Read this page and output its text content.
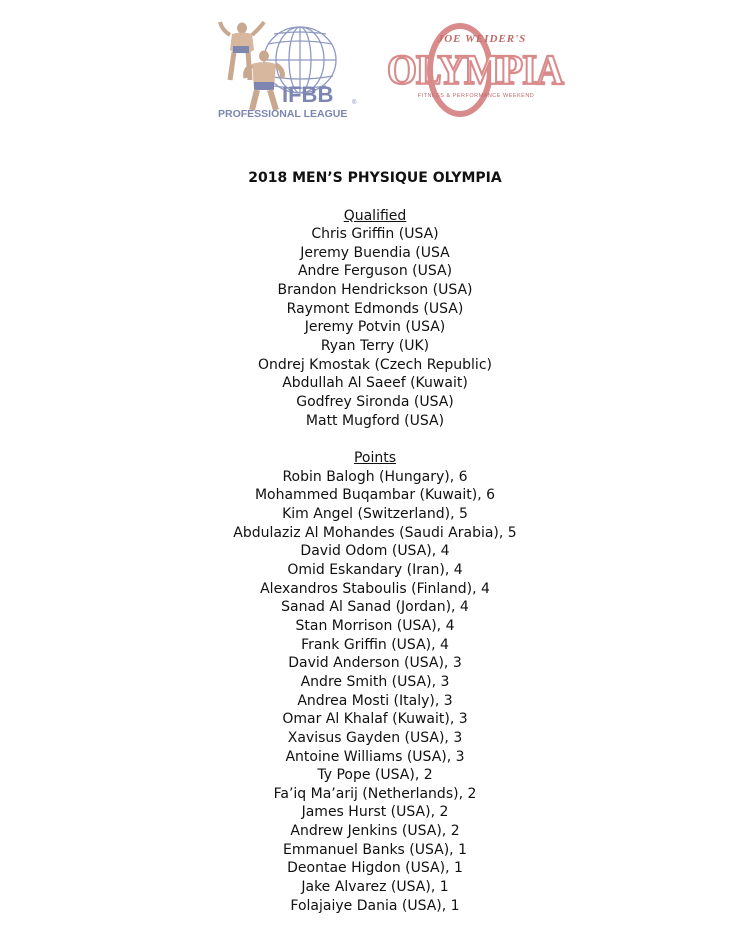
IFBB	®
PROFESSIONAL LEAGUE
JOE WEIDER'S
OLYMPIA
FITNESS & PERFORMANCE WEEKEND
2018 MEN’S PHYSIQUE OLYMPIA
Qualified
Chris Griffin (USA)
Jeremy Buendia (USA
Andre Ferguson (USA)
Brandon Hendrickson (USA)
Raymont Edmonds (USA)
Jeremy Potvin (USA)
Ryan Terry (UK)
Ondrej Kmostak (Czech Republic)
Abdullah Al Saeef (Kuwait)
Godfrey Sironda (USA)
Matt Mugford (USA)
Points
Robin Balogh (Hungary), 6
Mohammed Buqambar (Kuwait), 6
Kim Angel (Switzerland), 5
Abdulaziz Al Mohandes (Saudi Arabia), 5
David Odom (USA), 4
Omid Eskandary (Iran), 4
Alexandros Staboulis (Finland), 4
Sanad Al Sanad (Jordan), 4
Stan Morrison (USA), 4
Frank Griffin (USA), 4
David Anderson (USA), 3
Andre Smith (USA), 3
Andrea Mosti (Italy), 3
Omar Al Khalaf (Kuwait), 3
Xavisus Gayden (USA), 3
Antoine Williams (USA), 3
Ty Pope (USA), 2
Fa’iq Ma’arij (Netherlands), 2
James Hurst (USA), 2
Andrew Jenkins (USA), 2
Emmanuel Banks (USA), 1
Deontae Higdon (USA), 1
Jake Alvarez (USA), 1
Folajaiye Dania (USA), 1
